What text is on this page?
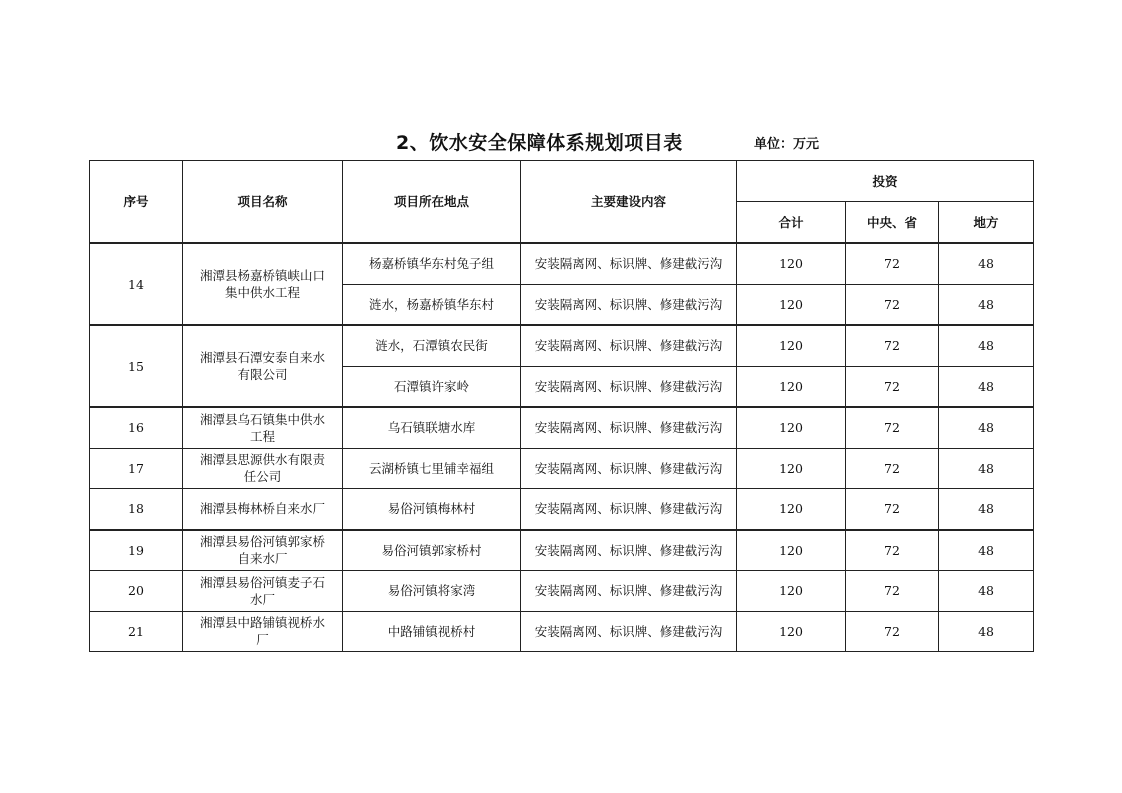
2、饮水安全保障体系规划项目表	单位：万元
序号	项目名称	项目所在地点	主要建设内容	投资		
				合计	中央、省	地方
14	湘潭县杨嘉桥镇峡山口集中供水工程	杨嘉桥镇华东村兔子组	安装隔离网、标识牌、修建截污沟	120	72	48
		涟水，杨嘉桥镇华东村	安装隔离网、标识牌、修建截污沟	120	72	48
15	湘潭县石潭安泰自来水有限公司	涟水，石潭镇农民街	安装隔离网、标识牌、修建截污沟	120	72	48
		石潭镇许家岭	安装隔离网、标识牌、修建截污沟	120	72	48
16	湘潭县乌石镇集中供水工程	乌石镇联塘水库	安装隔离网、标识牌、修建截污沟	120	72	48
17	湘潭县思源供水有限责任公司	云湖桥镇七里铺幸福组	安装隔离网、标识牌、修建截污沟	120	72	48
18	湘潭县梅林桥自来水厂	易俗河镇梅林村	安装隔离网、标识牌、修建截污沟	120	72	48
19	湘潭县易俗河镇郭家桥自来水厂	易俗河镇郭家桥村	安装隔离网、标识牌、修建截污沟	120	72	48
20	湘潭县易俗河镇麦子石水厂	易俗河镇将家湾	安装隔离网、标识牌、修建截污沟	120	72	48
21	湘潭县中路铺镇视桥水厂	中路铺镇视桥村	安装隔离网、标识牌、修建截污沟	120	72	48
